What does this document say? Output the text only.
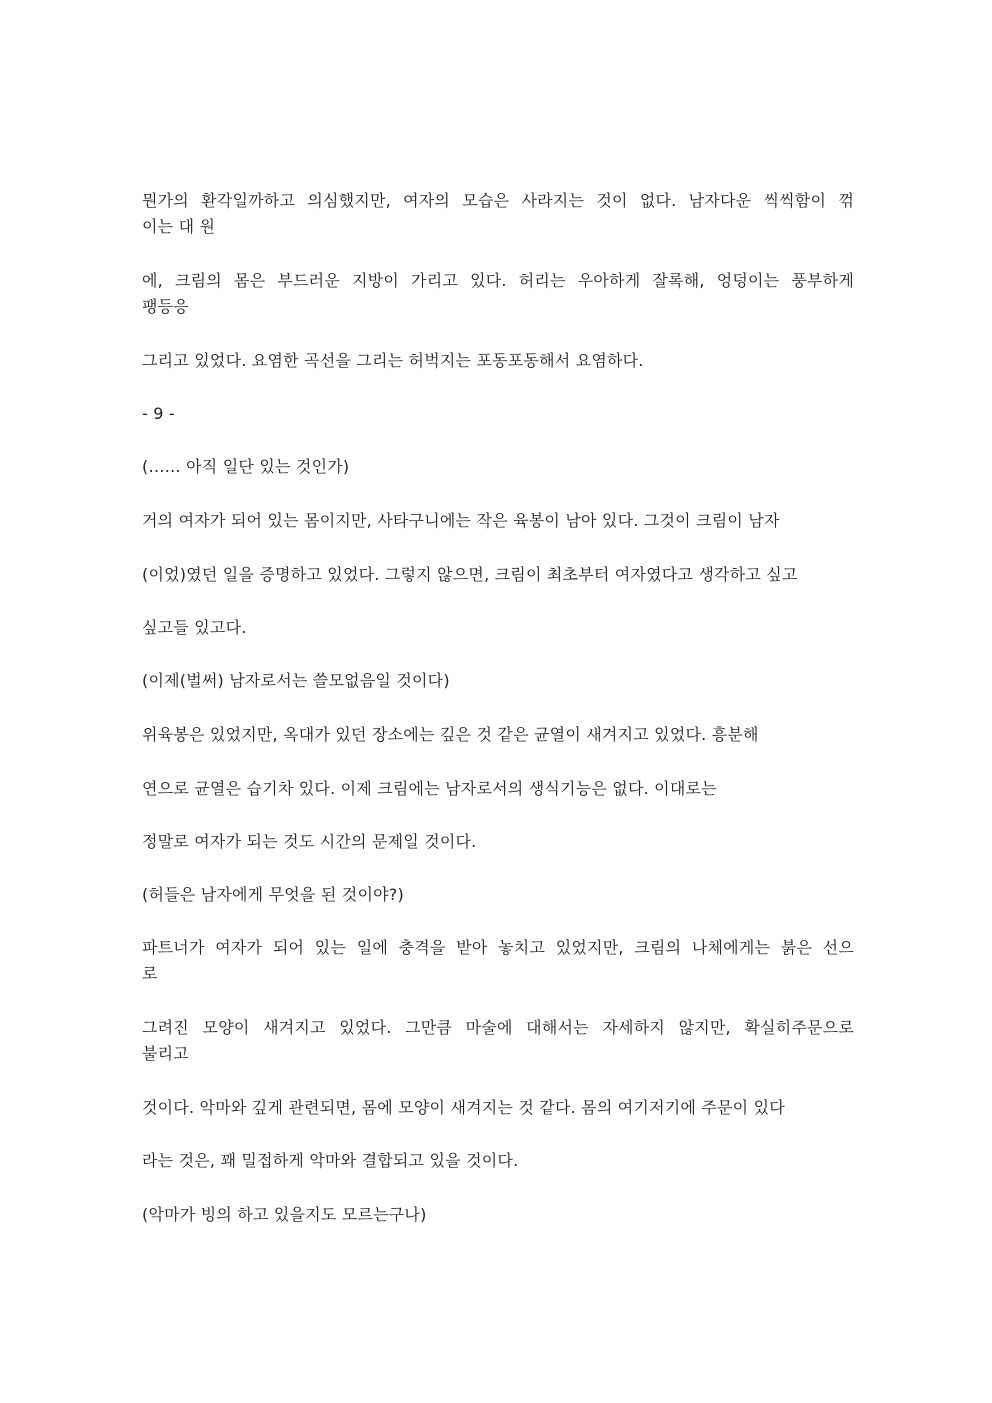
뭔가의 환각일까하고 의심했지만, 여자의 모습은 사라지는 것이 없다. 남자다운 씩씩함이 꺾
이는 대 원
에, 크림의 몸은 부드러운 지방이 가리고 있다. 허리는 우아하게 잘록해, 엉덩이는 풍부하게
팽등응
그리고 있었다. 요염한 곡선을 그리는 허벅지는 포동포동해서 요염하다.
- 9 -
(…… 아직 일단 있는 것인가)
거의 여자가 되어 있는 몸이지만, 사타구니에는 작은 육봉이 남아 있다. 그것이 크림이 남자
(이었)였던 일을 증명하고 있었다. 그렇지 않으면, 크림이 최초부터 여자였다고 생각하고 싶고
싶고들 있고다.
(이제(벌써) 남자로서는 쓸모없음일 것이다)
위육봉은 있었지만, 옥대가 있던 장소에는 깊은 것 같은 균열이 새겨지고 있었다. 흥분해
연으로 균열은 습기차 있다. 이제 크림에는 남자로서의 생식기능은 없다. 이대로는
정말로 여자가 되는 것도 시간의 문제일 것이다.
(허들은 남자에게 무엇을 된 것이야?)
파트너가 여자가 되어 있는 일에 충격을 받아 놓치고 있었지만, 크림의 나체에게는 붉은 선으
로
그려진 모양이 새겨지고 있었다. 그만큼 마술에 대해서는 자세하지 않지만, 확실히주문으로
불리고
것이다. 악마와 깊게 관련되면, 몸에 모양이 새겨지는 것 같다. 몸의 여기저기에 주문이 있다
라는 것은, 꽤 밀접하게 악마와 결합되고 있을 것이다.
(악마가 빙의 하고 있을지도 모르는구나)
